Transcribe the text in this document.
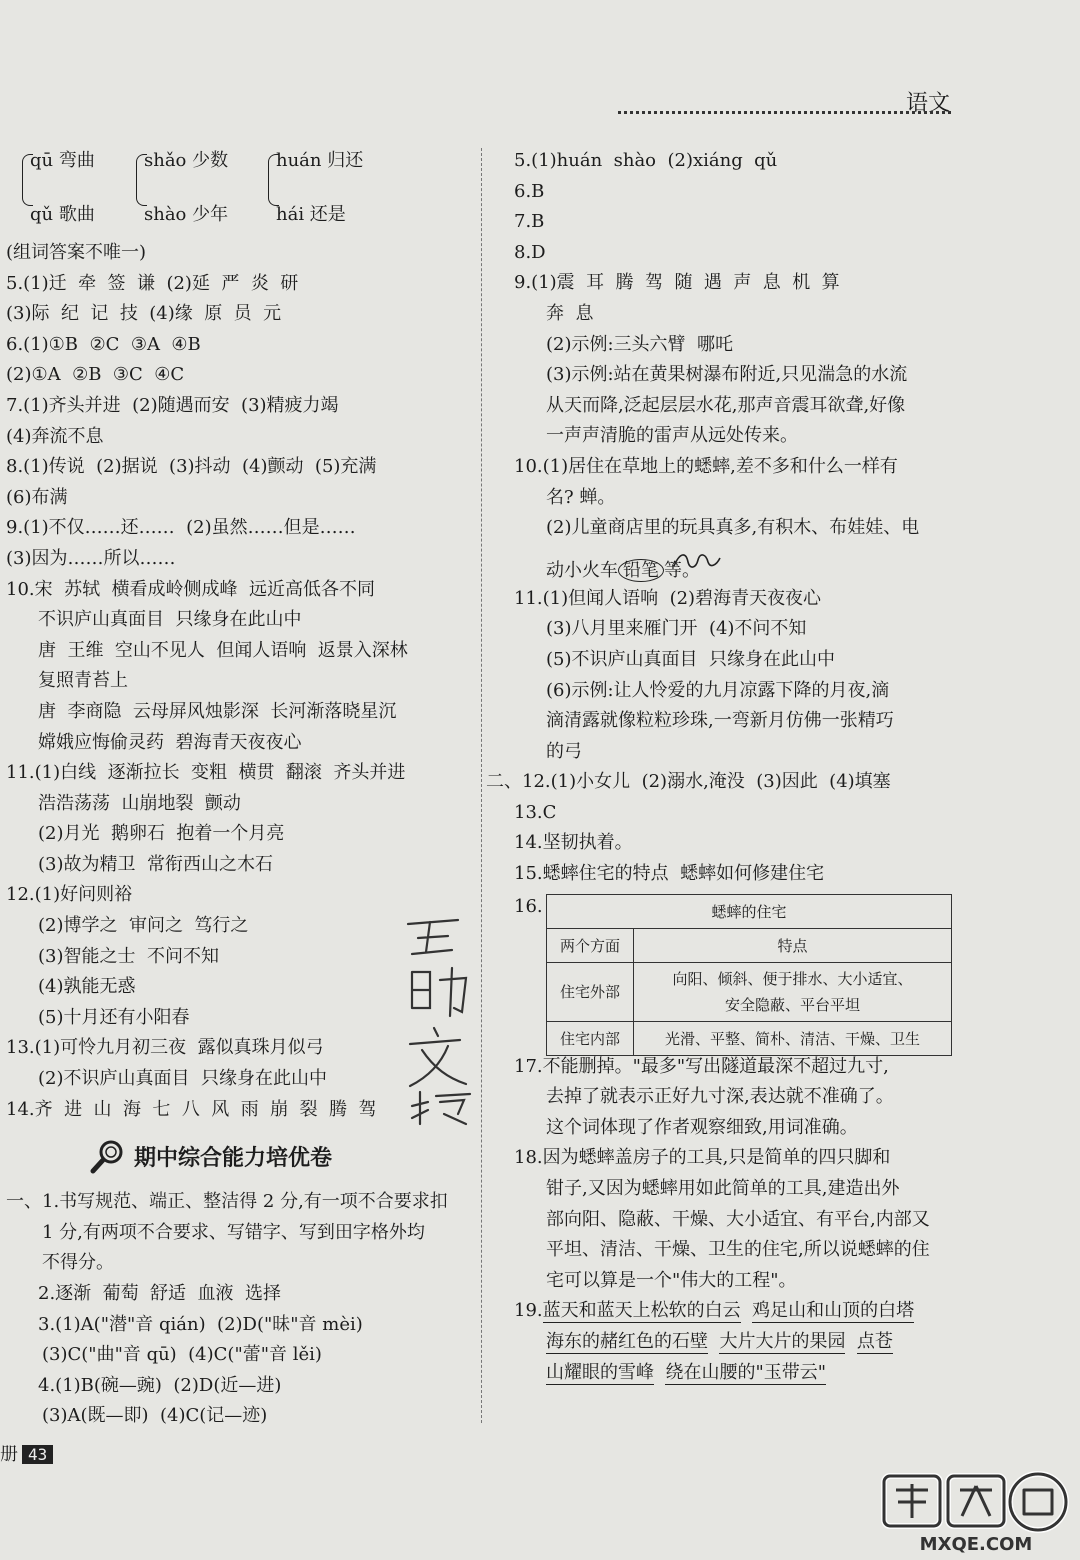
语文
qū 弯曲
qǔ 歌曲
shǎo 少数
shào 少年
huán 归还
hái 还是
(组词答案不唯一)
5.(1)迁  牵  签  谦  (2)延  严  炎  研
(3)际  纪  记  技  (4)缘  原  员  元
6.(1)①B  ②C  ③A  ④B
(2)①A  ②B  ③C  ④C
7.(1)齐头并进  (2)随遇而安  (3)精疲力竭
(4)奔流不息
8.(1)传说  (2)据说  (3)抖动  (4)颤动  (5)充满
(6)布满
9.(1)不仅……还……  (2)虽然……但是……
(3)因为……所以……
10.宋  苏轼  横看成岭侧成峰  远近高低各不同
不识庐山真面目  只缘身在此山中
唐  王维  空山不见人  但闻人语响  返景入深林
复照青苔上
唐  李商隐  云母屏风烛影深  长河渐落晓星沉
嫦娥应悔偷灵药  碧海青天夜夜心
11.(1)白线  逐渐拉长  变粗  横贯  翻滚  齐头并进
浩浩荡荡  山崩地裂  颤动
(2)月光  鹅卵石  抱着一个月亮
(3)故为精卫  常衔西山之木石
12.(1)好问则裕
(2)博学之  审问之  笃行之
(3)智能之士  不问不知
(4)孰能无惑
(5)十月还有小阳春
13.(1)可怜九月初三夜  露似真珠月似弓
(2)不识庐山真面目  只缘身在此山中
14.齐  进  山  海  七  八  风  雨  崩  裂  腾  驾
期中综合能力培优卷
一、1.书写规范、端正、整洁得 2 分,有一项不合要求扣
1 分,有两项不合要求、写错字、写到田字格外均
不得分。
2.逐渐  葡萄  舒适  血液  选择
3.(1)A("潜"音 qián)  (2)D("昧"音 mèi)
(3)C("曲"音 qū)  (4)C("蕾"音 lěi)
4.(1)B(碗—豌)  (2)D(近—进)
(3)A(既—即)  (4)C(记—迹)
5.(1)huán  shào  (2)xiáng  qǔ
6.B
7.B
8.D
9.(1)震  耳  腾  驾  随  遇  声  息  机  算
奔  息
(2)示例:三头六臂  哪吒
(3)示例:站在黄果树瀑布附近,只见湍急的水流
从天而降,泛起层层水花,那声音震耳欲聋,好像
一声声清脆的雷声从远处传来。
10.(1)居住在草地上的蟋蟀,差不多和什么一样有
名? 蝉。
(2)儿童商店里的玩具真多,有积木、布娃娃、电
动小火车 铅笔 等。
11.(1)但闻人语响  (2)碧海青天夜夜心
(3)八月里来雁门开  (4)不问不知
(5)不识庐山真面目  只缘身在此山中
(6)示例:让人怜爱的九月凉露下降的月夜,滴
滴清露就像粒粒珍珠,一弯新月仿佛一张精巧
的弓
二、12.(1)小女儿  (2)溺水,淹没  (3)因此  (4)填塞
13.C
14.坚韧执着。
15.蟋蟀住宅的特点  蟋蟀如何修建住宅
16.	蟋蟀的住宅	
两个方面	特点
住宅外部	向阳、倾斜、便于排水、大小适宜、
安全隐蔽、平台平坦

住宅内部	光滑、平整、简朴、清洁、干燥、卫生
17.不能删掉。"最多"写出隧道最深不超过九寸,
去掉了就表示正好九寸深,表达就不准确了。
这个词体现了作者观察细致,用词准确。
18.因为蟋蟀盖房子的工具,只是简单的四只脚和
钳子,又因为蟋蟀用如此简单的工具,建造出外
部向阳、隐蔽、干燥、大小适宜、有平台,内部又
平坦、清洁、干燥、卫生的住宅,所以说蟋蟀的住
宅可以算是一个"伟大的工程"。
19.蓝天和蓝天上松软的白云 鸡足山和山顶的白塔
海东的赭红色的石壁 大片大片的果园 点苍
山耀眼的雪峰 绕在山腰的"玉带云"
册 43
MXQE.COM
